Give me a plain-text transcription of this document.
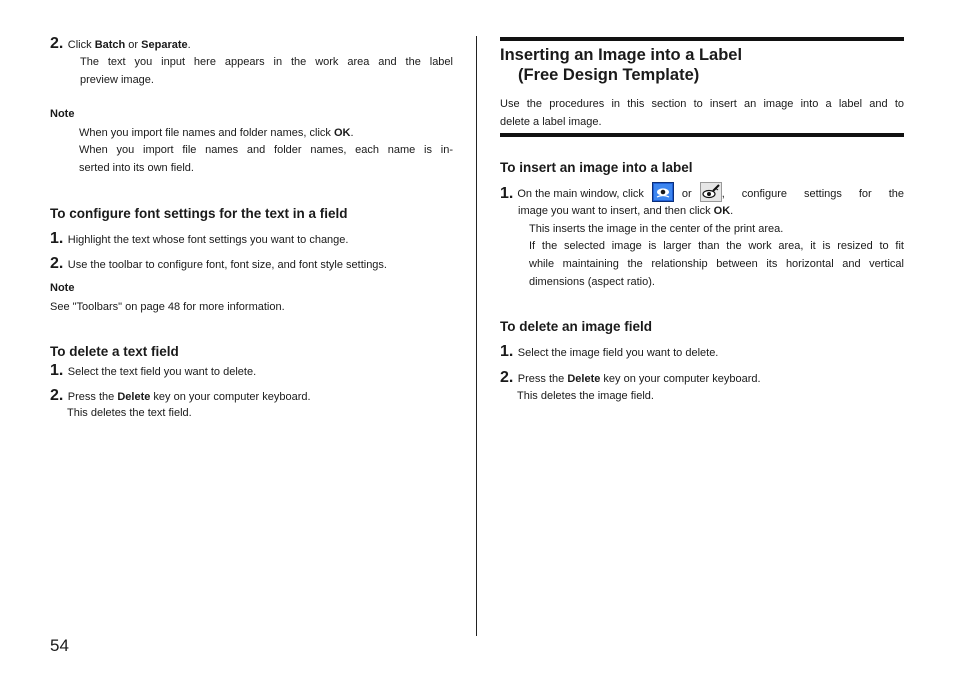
2. Click Batch or Separate.
The text you input here appears in the work area and the label
preview image.
Note
When you import file names and folder names, click OK.
When you import file names and folder names, each name is in-
serted into its own field.
To configure font settings for the text in a field
1. Highlight the text whose font settings you want to change.
2. Use the toolbar to configure font, font size, and font style settings.
Note
See "Toolbars" on page 48 for more information.
To delete a text field
1. Select the text field you want to delete.
2. Press the Delete key on your computer keyboard.
This deletes the text field.
54
Inserting an Image into a Label
(Free Design Template)
Use the procedures in this section to insert an image into a label and to
delete a label image.
To insert an image into a label
1. On the main window, click	or	, configure settings for the
image you want to insert, and then click OK.
This inserts the image in the center of the print area.
If the selected image is larger than the work area, it is resized to fit
while maintaining the relationship between its horizontal and vertical
dimensions (aspect ratio).
To delete an image field
1. Select the image field you want to delete.
2. Press the Delete key on your computer keyboard.
This deletes the image field.
